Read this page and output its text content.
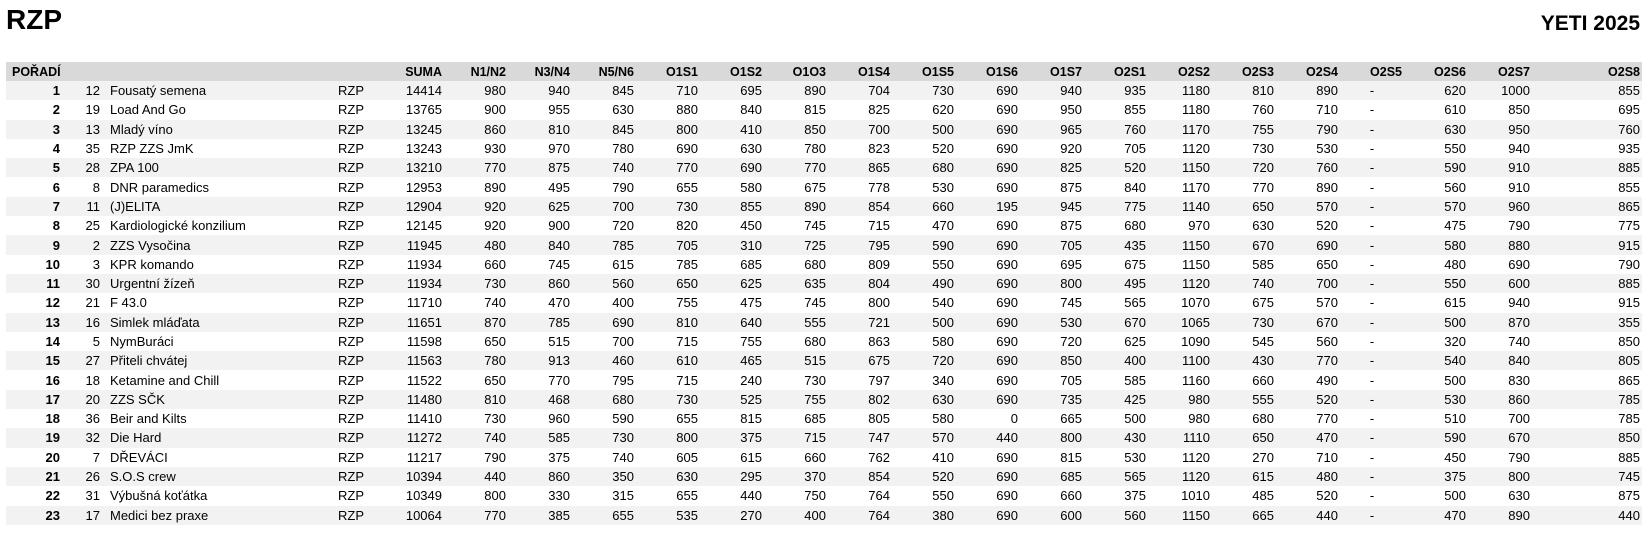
RZP	YETI 2025
POŘADÍ				SUMA	N1/N2	N3/N4	N5/N6	O1S1	O1S2	O1O3	O1S4	O1S5	O1S6	O1S7	O2S1	O2S2	O2S3	O2S4	O2S5	O2S6	O2S7	O2S8
1	12	Fousatý semena	RZP	14414	980	940	845	710	695	890	704	730	690	940	935	1180	810	890	-	620	1000	855
2	19	Load And Go	RZP	13765	900	955	630	880	840	815	825	620	690	950	855	1180	760	710	-	610	850	695
3	13	Mladý víno	RZP	13245	860	810	845	800	410	850	700	500	690	965	760	1170	755	790	-	630	950	760
4	35	RZP ZZS JmK	RZP	13243	930	970	780	690	630	780	823	520	690	920	705	1120	730	530	-	550	940	935
5	28	ZPA 100	RZP	13210	770	875	740	770	690	770	865	680	690	825	520	1150	720	760	-	590	910	885
6	8	DNR paramedics	RZP	12953	890	495	790	655	580	675	778	530	690	875	840	1170	770	890	-	560	910	855
7	11	(J)ELITA	RZP	12904	920	625	700	730	855	890	854	660	195	945	775	1140	650	570	-	570	960	865
8	25	Kardiologické konzilium	RZP	12145	920	900	720	820	450	745	715	470	690	875	680	970	630	520	-	475	790	775
9	2	ZZS Vysočina	RZP	11945	480	840	785	705	310	725	795	590	690	705	435	1150	670	690	-	580	880	915
10	3	KPR komando	RZP	11934	660	745	615	785	685	680	809	550	690	695	675	1150	585	650	-	480	690	790
11	30	Urgentní žízeň	RZP	11934	730	860	560	650	625	635	804	490	690	800	495	1120	740	700	-	550	600	885
12	21	F 43.0	RZP	11710	740	470	400	755	475	745	800	540	690	745	565	1070	675	570	-	615	940	915
13	16	Simlek mláďata	RZP	11651	870	785	690	810	640	555	721	500	690	530	670	1065	730	670	-	500	870	355
14	5	NymBuráci	RZP	11598	650	515	700	715	755	680	863	580	690	720	625	1090	545	560	-	320	740	850
15	27	Přiteli chvátej	RZP	11563	780	913	460	610	465	515	675	720	690	850	400	1100	430	770	-	540	840	805
16	18	Ketamine and Chill	RZP	11522	650	770	795	715	240	730	797	340	690	705	585	1160	660	490	-	500	830	865
17	20	ZZS SČK	RZP	11480	810	468	680	730	525	755	802	630	690	735	425	980	555	520	-	530	860	785
18	36	Beir and Kilts	RZP	11410	730	960	590	655	815	685	805	580	0	665	500	980	680	770	-	510	700	785
19	32	Die Hard	RZP	11272	740	585	730	800	375	715	747	570	440	800	430	1110	650	470	-	590	670	850
20	7	DŘEVÁCI	RZP	11217	790	375	740	605	615	660	762	410	690	815	530	1120	270	710	-	450	790	885
21	26	S.O.S crew	RZP	10394	440	860	350	630	295	370	854	520	690	685	565	1120	615	480	-	375	800	745
22	31	Výbušná koťátka	RZP	10349	800	330	315	655	440	750	764	550	690	660	375	1010	485	520	-	500	630	875
23	17	Medici bez praxe	RZP	10064	770	385	655	535	270	400	764	380	690	600	560	1150	665	440	-	470	890	440
